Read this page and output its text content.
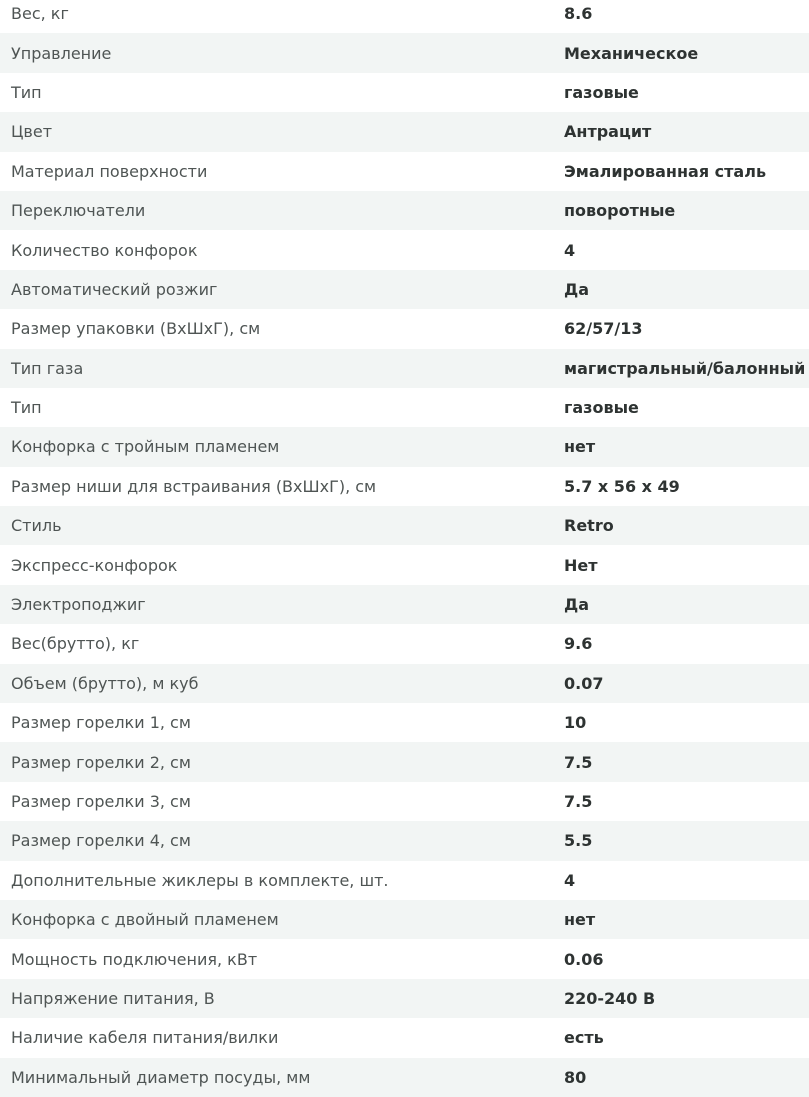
Вес, кг	8.6
Управление	Механическое
Тип	газовые
Цвет	Антрацит
Материал поверхности	Эмалированная сталь
Переключатели	поворотные
Количество конфорок	4
Автоматический розжиг	Да
Размер упаковки (ВхШхГ), см	62/57/13
Тип газа	магистральный/балонный
Тип	газовые
Конфорка с тройным пламенем	нет
Размер ниши для встраивания (ВхШхГ), см	5.7 x 56 x 49
Стиль	Retro
Экспресс-конфорок	Нет
Электроподжиг	Да
Вес(брутто), кг	9.6
Объем (брутто), м куб	0.07
Размер горелки 1, см	10
Размер горелки 2, см	7.5
Размер горелки 3, см	7.5
Размер горелки 4, см	5.5
Дополнительные жиклеры в комплекте, шт.	4
Конфорка с двойный пламенем	нет
Мощность подключения, кВт	0.06
Напряжение питания, В	220-240 В
Наличие кабеля питания/вилки	есть
Минимальный диаметр посуды, мм	80
